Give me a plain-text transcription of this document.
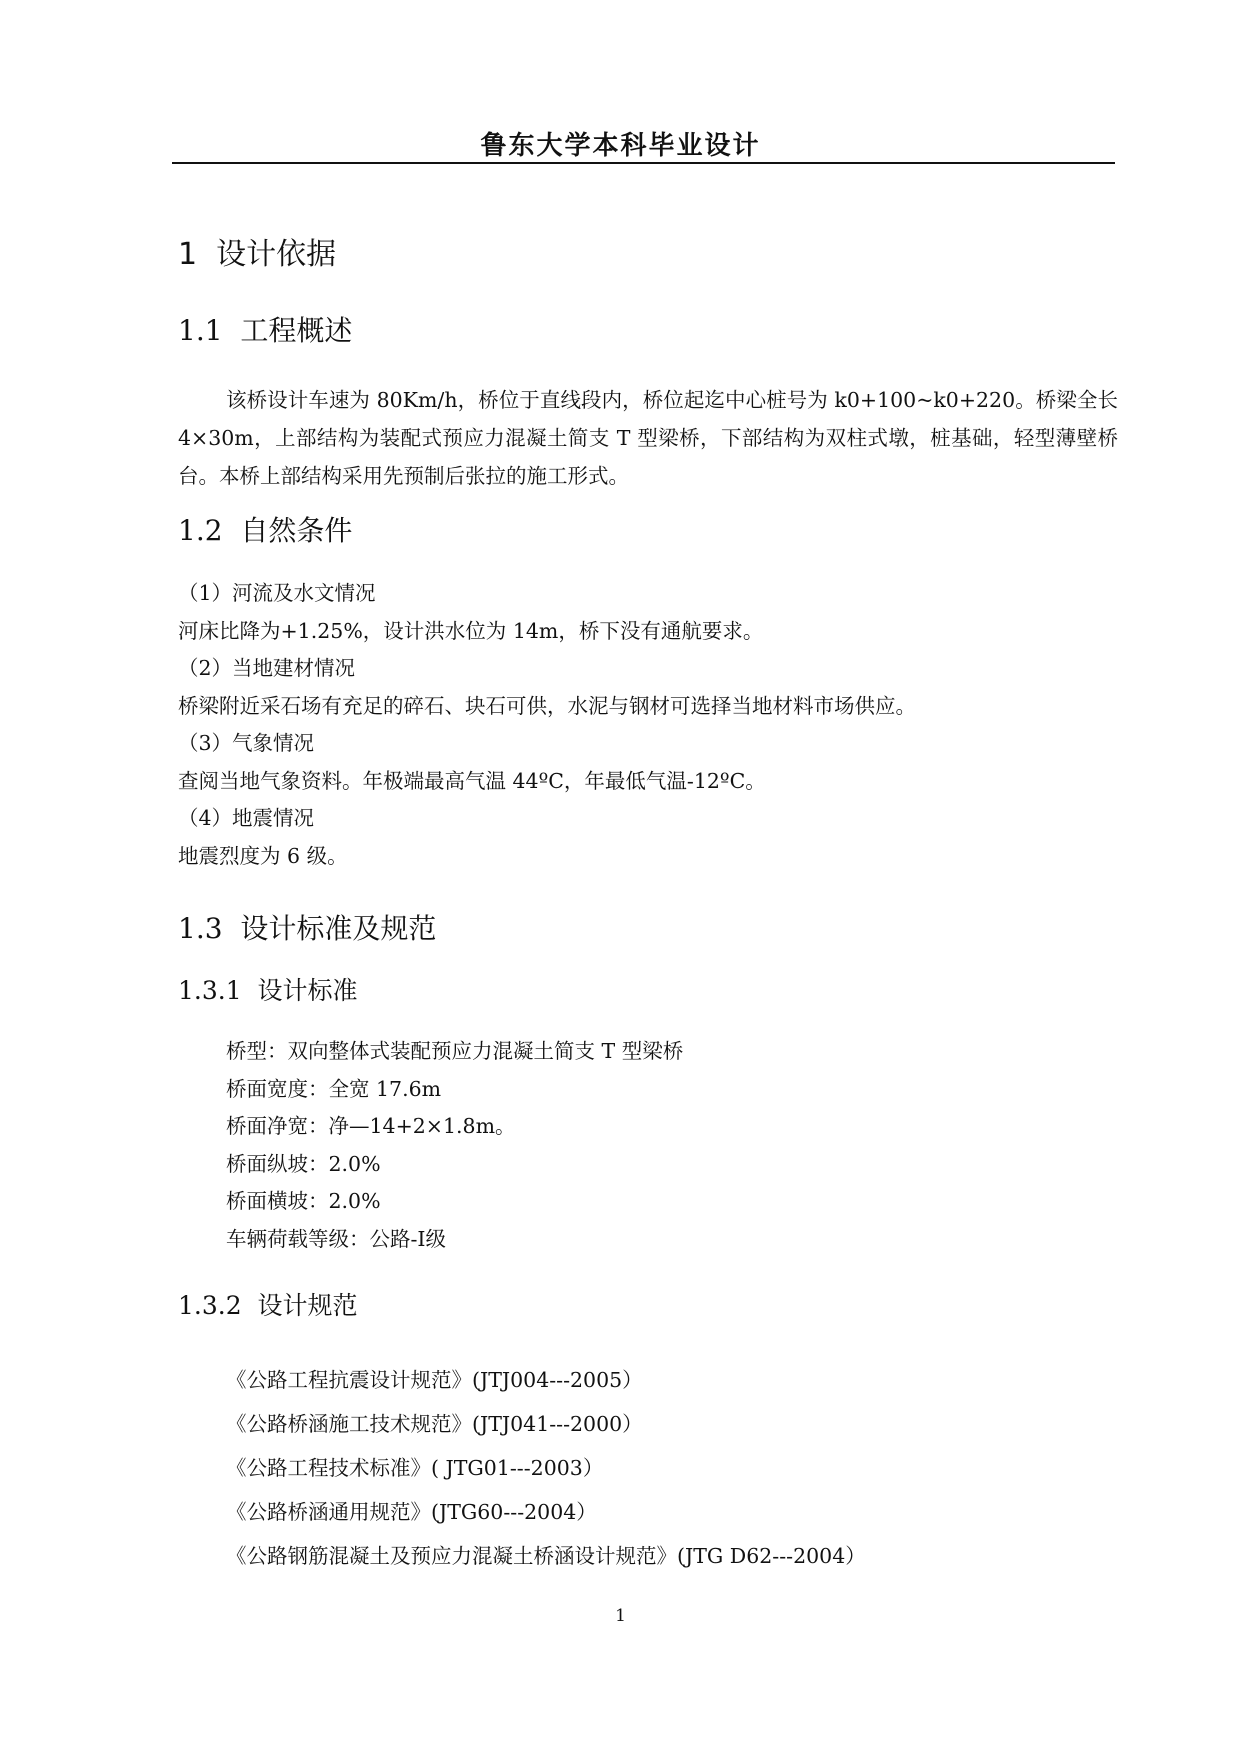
鲁东大学本科毕业设计
1 设计依据
1.1 工程概述

该桥设计车速为 80Km/h，桥位于直线段内，桥位起迄中心桩号为 k0+100~k0+220。桥梁全长 4×30m，上部结构为装配式预应力混凝土简支 T 型梁桥，下部结构为双柱式墩，桩基础，轻型薄壁桥台。本桥上部结构采用先预制后张拉的施工形式。

1.2 自然条件

（1）河流及水文情况

河床比降为+1.25%，设计洪水位为 14m，桥下没有通航要求。

（2）当地建材情况

桥梁附近采石场有充足的碎石、块石可供，水泥与钢材可选择当地材料市场供应。

（3）气象情况

查阅当地气象资料。年极端最高气温 44ºC，年最低气温-12ºC。

（4）地震情况

地震烈度为 6 级。

1.3 设计标准及规范
1.3.1 设计标准

桥型：双向整体式装配预应力混凝土简支 T 型梁桥

桥面宽度：全宽 17.6m

桥面净宽：净—14+2×1.8m。

桥面纵坡：2.0%

桥面横坡：2.0%

车辆荷载等级：公路-Ⅰ级

1.3.2 设计规范

《公路工程抗震设计规范》(JTJ004---2005）

《公路桥涵施工技术规范》(JTJ041---2000）

《公路工程技术标准》( JTG01---2003）

《公路桥涵通用规范》(JTG60---2004）

《公路钢筋混凝土及预应力混凝土桥涵设计规范》(JTG D62---2004）

1
